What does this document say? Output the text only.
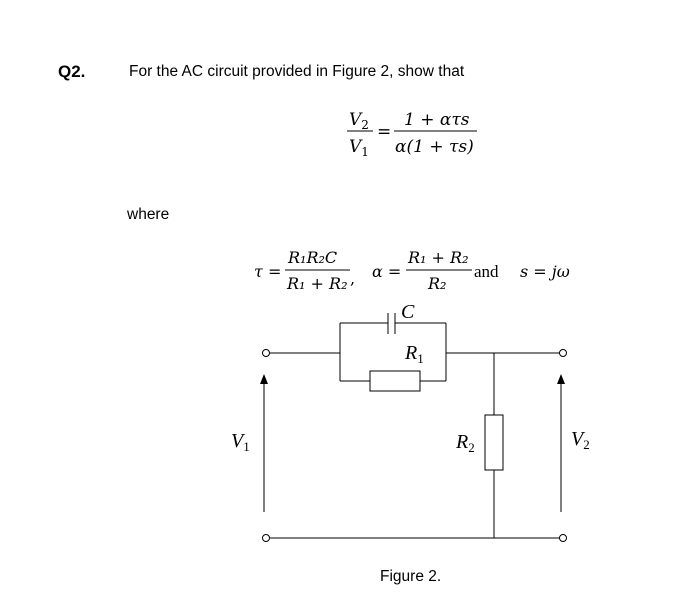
Q2.	For the AC circuit provided in Figure 2, show that
where
Figure 2.
$V_2$
$V_1$
=
1 + ατs
α(1 + τs)
τ =
R₁R₂C
R₁ + R₂ , α =
R₁ + R₂
R₂
and s = jω
C
$R_1$
$R_2$
$V_1$	$V_2$
